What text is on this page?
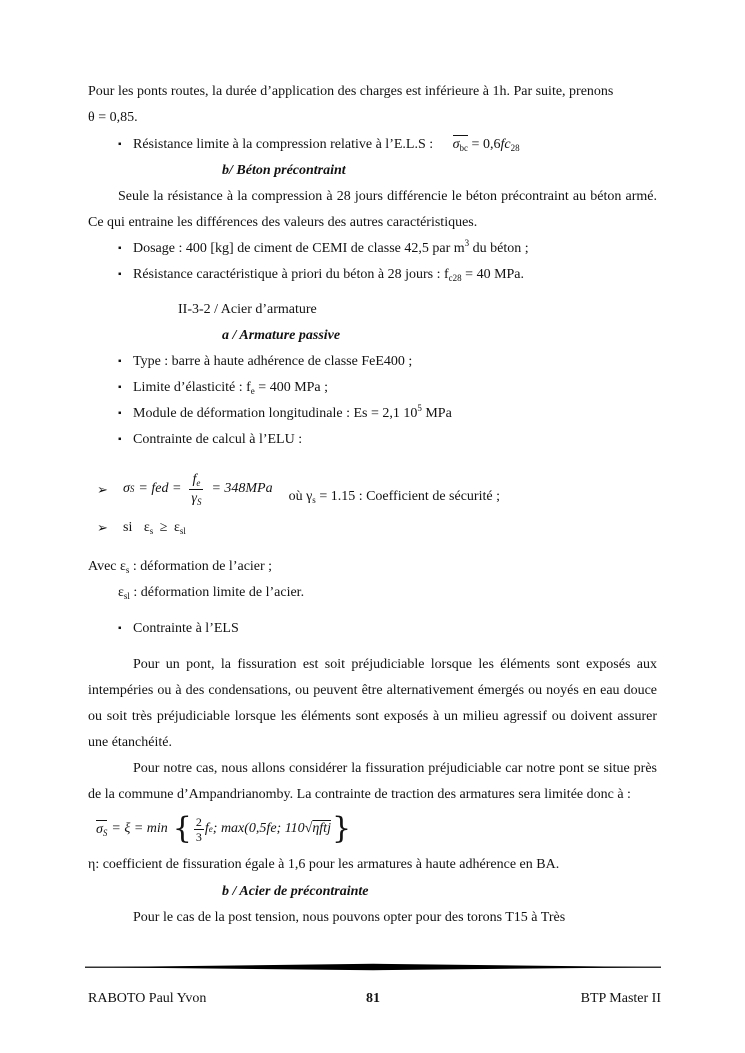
Pour les ponts routes, la durée d’application des charges est inférieure à 1h. Par suite, prenons

θ = 0,85.

▪ Résistance limite à la compression relative à l’E.L.S : $\sigma_{bc} = 0,6fc_{28}$
b/ Béton précontraint

Seule la résistance à la compression à 28 jours différencie le béton précontraint au béton armé. Ce qui entraine les différences des valeurs des autres caractéristiques.

▪ Dosage : 400 [kg] de ciment de CEMI de classe 42,5 par $m^3$ du béton ;
▪ Résistance caractéristique à priori du béton à 28 jours : $f_{c28} = 40$ MPa.
II-3-2 / Acier d’armature
a / Armature passive
▪ Type : barre à haute adhérence de classe FeE400 ;
▪ Limite d’élasticité : $f_e = 400$ MPa ;
▪ Module de déformation longitudinale : Es = 2,1 $10^5$ MPa
▪ Contrainte de calcul à l’ELU :
➢ σ S = fed = $\frac{f_e}{\gamma_S} = 348MPa$
où $\gamma_s = 1.15$ : Coefficient de sécurité ;
➢ si $\varepsilon_s \ge \varepsilon_{sl}$
Avec $\varepsilon_s$ : déformation de l’acier ;
$\varepsilon_{sl}$ : déformation limite de l’acier.
▪ Contrainte à l’ELS

Pour un pont, la fissuration est soit préjudiciable lorsque les éléments sont exposés aux intempéries ou à des condensations, ou peuvent être alternativement émergés ou noyés en eau douce ou soit très préjudiciable lorsque les éléments sont exposés à un milieu agressif ou doivent assurer une étanchéité.

Pour notre cas, nous allons considérer la fissuration préjudiciable car notre pont se situe près de la commune d’Ampandrianomby. La contrainte de traction des armatures sera limitée donc à :

$\sigma_S = \xi = \min$ { $\frac{2}{3}$ f e ; max(0,5fe; 110 √ ηftj }

η: coefficient de fissuration égale à 1,6 pour les armatures à haute adhérence en BA.

b / Acier de précontrainte

Pour le cas de la post tension, nous pouvons opter pour des torons T15 à Très

RABOTO Paul Yvon	81	BTP Master II
